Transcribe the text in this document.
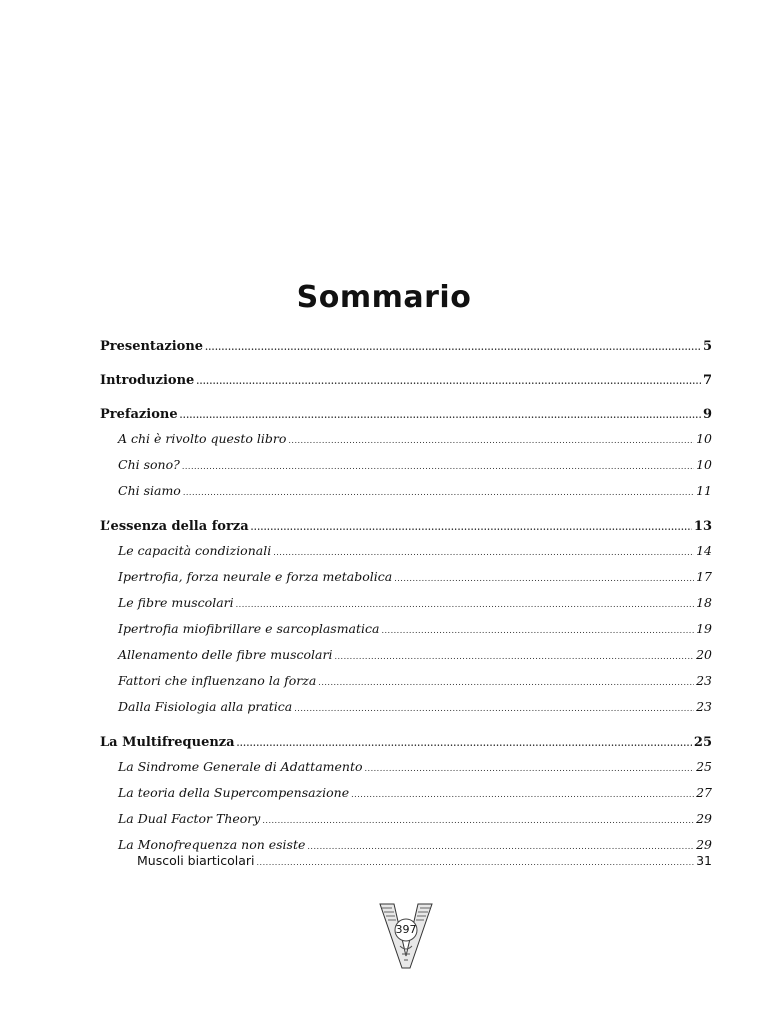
Sommario
Presentazione .....	5
Introduzione .....	7
Prefazione .....	9
A chi è rivolto questo libro .....	10
Chi sono? .....	10
Chi siamo .....	11
L’essenza della forza .....	13
Le capacità condizionali .....	14
Ipertrofia, forza neurale e forza metabolica .....	17
Le fibre muscolari .....	18
Ipertrofia miofibrillare e sarcoplasmatica .....	19
Allenamento delle fibre muscolari .....	20
Fattori che influenzano la forza .....	23
Dalla Fisiologia alla pratica .....	23
La Multifrequenza .....	25
La Sindrome Generale di Adattamento .....	25
La teoria della Supercompensazione .....	27
La Dual Factor Theory .....	29
La Monofrequenza non esiste .....	29
Muscoli biarticolari .....	31
397
